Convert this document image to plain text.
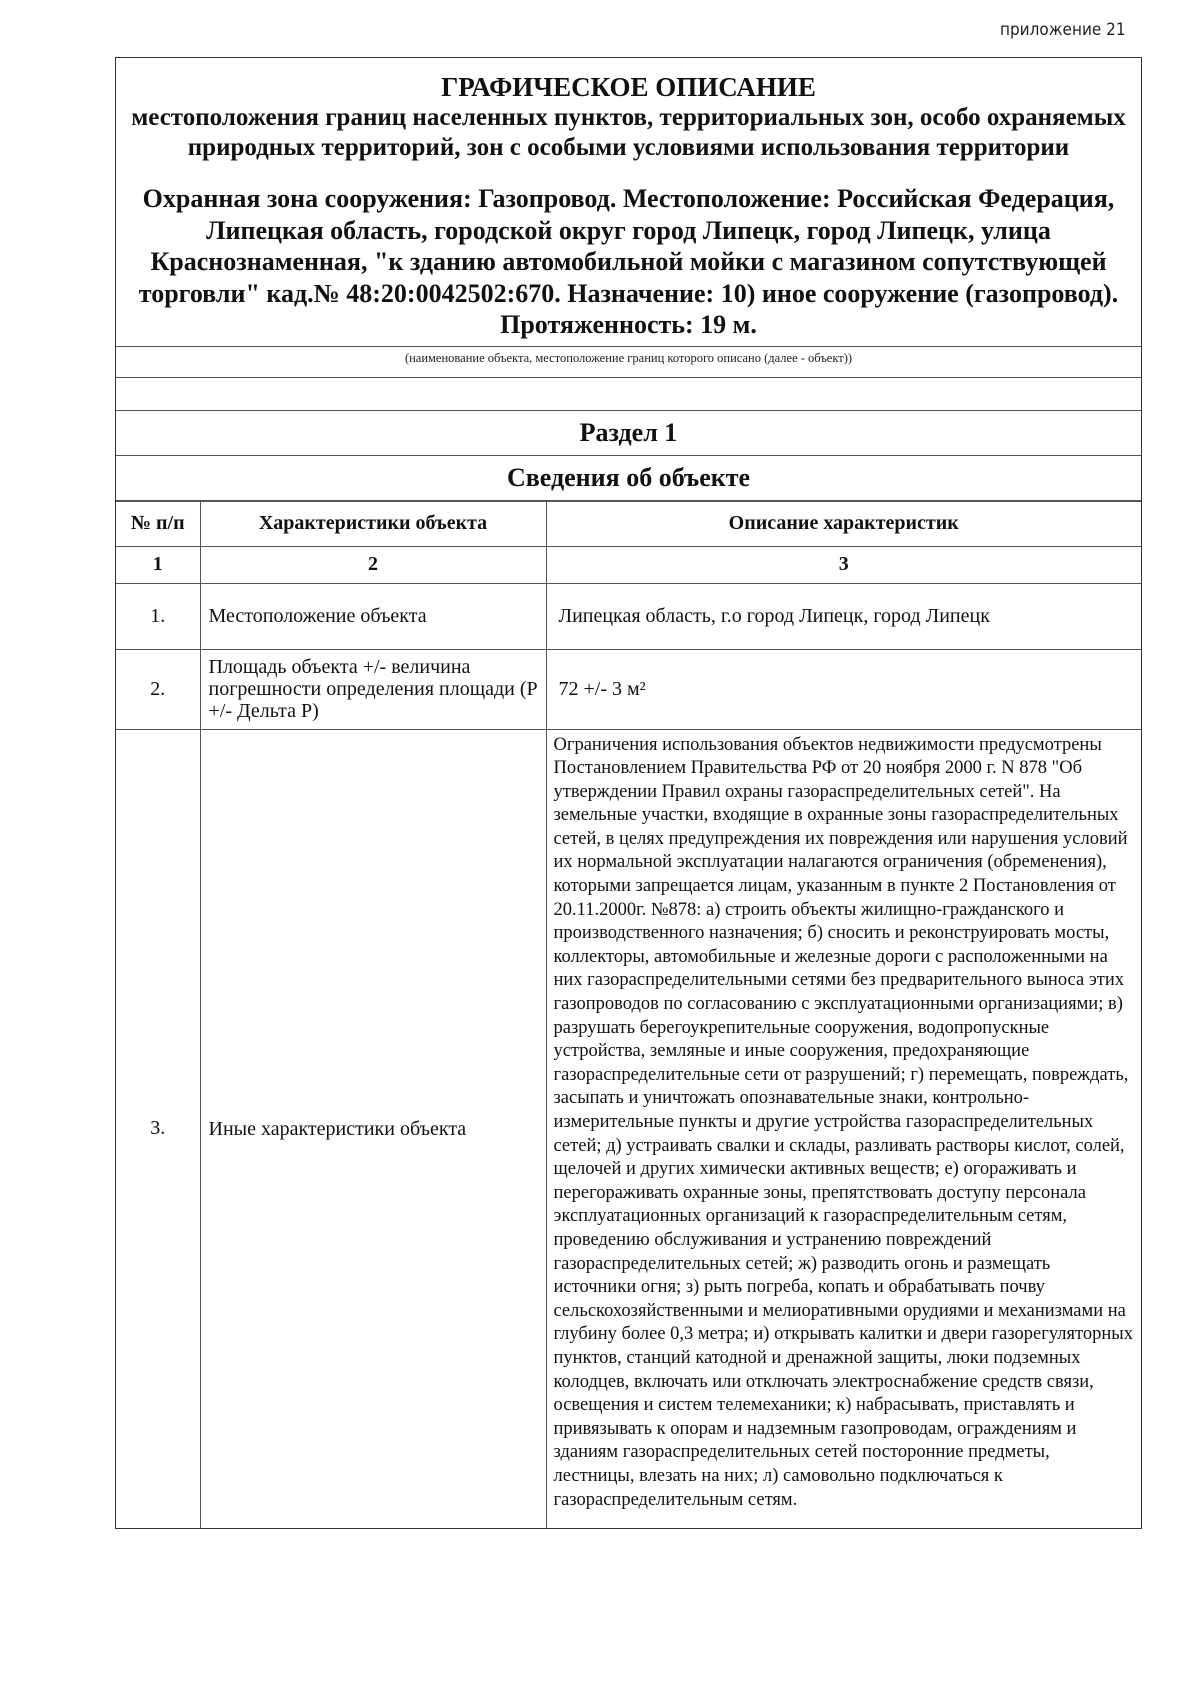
приложение 21
ГРАФИЧЕСКОЕ ОПИСАНИЕ
местоположения границ населенных пунктов, территориальных зон, особо охраняемых природных территорий, зон с особыми условиями использования территории
Охранная зона сооружения: Газопровод. Местоположение: Российская Федерация, Липецкая область, городской округ город Липецк, город Липецк, улица Краснознаменная, "к зданию автомобильной мойки с магазином сопутствующей торговли" кад.№ 48:20:0042502:670. Назначение: 10) иное сооружение (газопровод). Протяженность: 19 м.
(наименование объекта, местоположение границ которого описано (далее - объект))
Раздел 1
Сведения об объекте
№ п/п	Характеристики объекта	Описание характеристик
1	2	3
1.	Местоположение объекта	Липецкая область, г.о город Липецк, город Липецк
2.	Площадь объекта +/- величина погрешности определения площади (Р +/- Дельта Р)	72 +/- 3 м²
3.	Иные характеристики объекта	Ограничения использования объектов недвижимости предусмотрены Постановлением Правительства РФ от 20 ноября 2000 г. N 878 "Об утверждении Правил охраны газораспределительных сетей". На земельные участки, входящие в охранные зоны газораспределительных сетей, в целях предупреждения их повреждения или нарушения условий их нормальной эксплуатации налагаются ограничения (обременения), которыми запрещается лицам, указанным в пункте 2 Постановления от 20.11.2000г. №878: а) строить объекты жилищно-гражданского и производственного назначения; б) сносить и реконструировать мосты, коллекторы, автомобильные и железные дороги с расположенными на них газораспределительными сетями без предварительного выноса этих газопроводов по согласованию с эксплуатационными организациями; в) разрушать берегоукрепительные сооружения, водопропускные устройства, земляные и иные сооружения, предохраняющие газораспределительные сети от разрушений; г) перемещать, повреждать, засыпать и уничтожать опознавательные знаки, контрольно-измерительные пункты и другие устройства газораспределительных сетей; д) устраивать свалки и склады, разливать растворы кислот, солей, щелочей и других химически активных веществ; е) огораживать и перегораживать охранные зоны, препятствовать доступу персонала эксплуатационных организаций к газораспределительным сетям, проведению обслуживания и устранению повреждений газораспределительных сетей; ж) разводить огонь и размещать источники огня; з) рыть погреба, копать и обрабатывать почву сельскохозяйственными и мелиоративными орудиями и механизмами на глубину более 0,3 метра; и) открывать калитки и двери газорегуляторных пунктов, станций катодной и дренажной защиты, люки подземных колодцев, включать или отключать электроснабжение средств связи, освещения и систем телемеханики; к) набрасывать, приставлять и привязывать к опорам и надземным газопроводам, ограждениям и зданиям газораспределительных сетей посторонние предметы, лестницы, влезать на них; л) самовольно подключаться к газораспределительным сетям.
